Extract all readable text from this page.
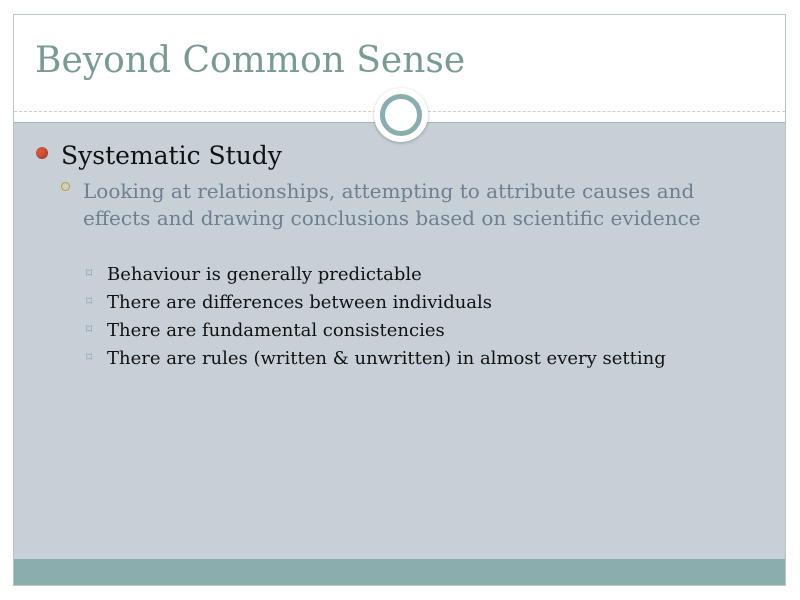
Beyond Common Sense
Systematic Study
Looking at relationships, attempting to attribute causes and effects and drawing conclusions based on scientific evidence
⌑ Behaviour is generally predictable
⌑ There are differences between individuals
⌑ There are fundamental consistencies
⌑ There are rules (written & unwritten) in almost every setting
